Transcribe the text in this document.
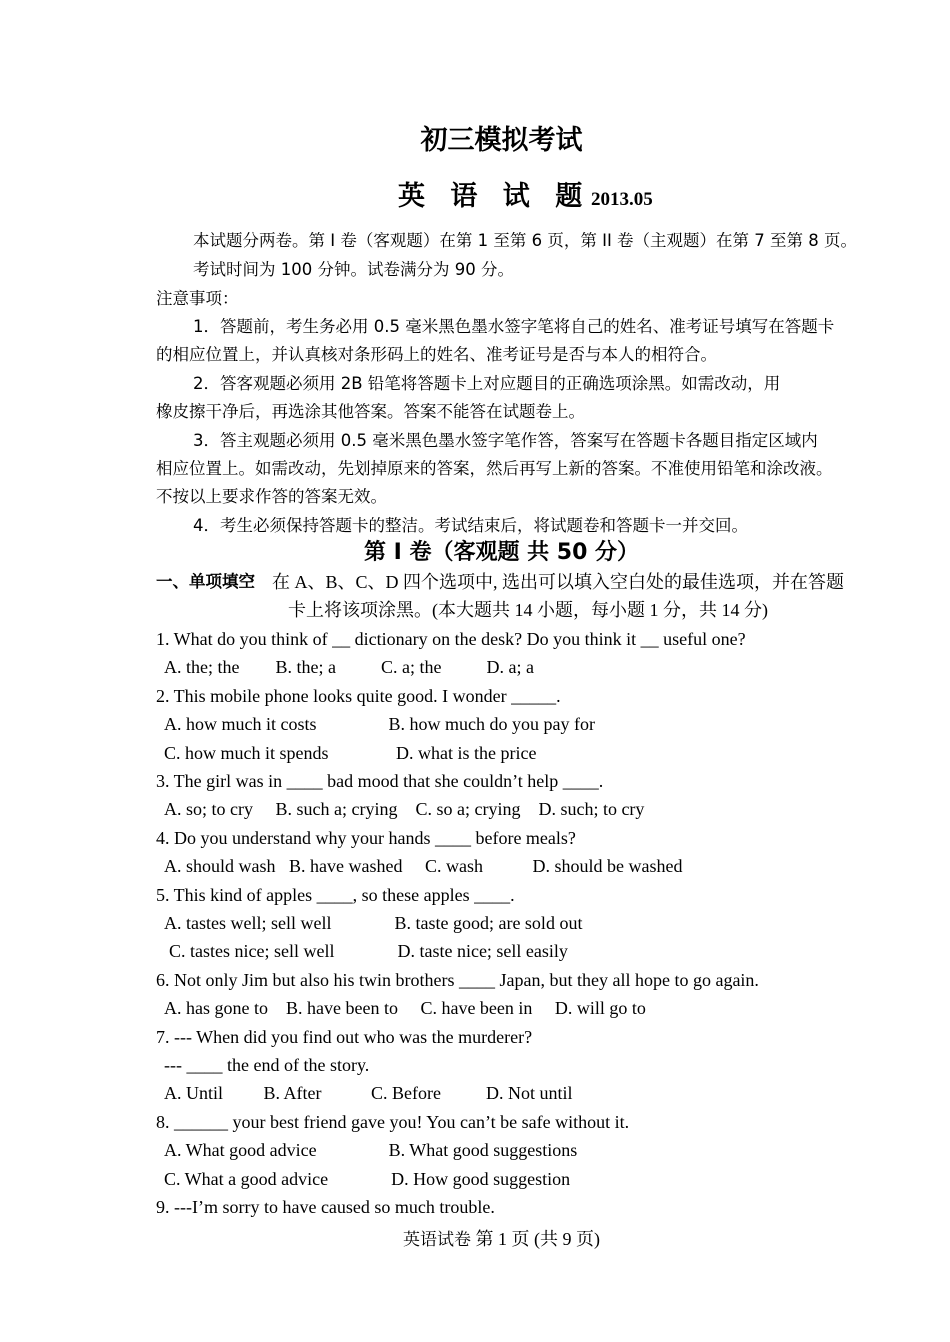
初三模拟考试
英 语 试 题 2013.05
本试题分两卷。第 I 卷（客观题）在第 1 至第 6 页，第 II 卷（主观题）在第 7 至第 8 页。
考试时间为 100 分钟。试卷满分为 90 分。
注意事项：
1．答题前，考生务必用 0.5 毫米黑色墨水签字笔将自己的姓名、准考证号填写在答题卡
的相应位置上，并认真核对条形码上的姓名、准考证号是否与本人的相符合。
2．答客观题必须用 2B 铅笔将答题卡上对应题目的正确选项涂黑。如需改动，用
橡皮擦干净后，再选涂其他答案。答案不能答在试题卷上。
3．答主观题必须用 0.5 毫米黑色墨水签字笔作答，答案写在答题卡各题目指定区域内
相应位置上。如需改动，先划掉原来的答案，然后再写上新的答案。不准使用铅笔和涂改液。
不按以上要求作答的答案无效。
4．考生必须保持答题卡的整洁。考试结束后，将试题卷和答题卡一并交回。
第 I 卷（客观题 共 50 分）
一、单项填空 在 A、B、C、D 四个选项中, 选出可以填入空白处的最佳选项，并在答题
卡上将该项涂黑。(本大题共 14 小题，每小题 1 分，共 14 分)
1. What do you think of __ dictionary on the desk? Do you think it __ useful one?
A. the; the        B. the; a          C. a; the          D. a; a
2. This mobile phone looks quite good. I wonder _____.
A. how much it costs                B. how much do you pay for
C. how much it spends               D. what is the price
3. The girl was in ____ bad mood that she couldn’t help ____.
A. so; to cry     B. such a; crying    C. so a; crying    D. such; to cry
4. Do you understand why your hands ____ before meals?
A. should wash   B. have washed     C. wash           D. should be washed
5. This kind of apples ____, so these apples ____.
A. tastes well; sell well              B. taste good; are sold out
C. tastes nice; sell well              D. taste nice; sell easily
6. Not only Jim but also his twin brothers ____ Japan, but they all hope to go again.
A. has gone to    B. have been to     C. have been in     D. will go to
7. --- When did you find out who was the murderer?
--- ____ the end of the story.
A. Until         B. After           C. Before          D. Not until
8. ______ your best friend gave you! You can’t be safe without it.
A. What good advice                B. What good suggestions
C. What a good advice              D. How good suggestion
9. ---I’m sorry to have caused so much trouble.
英语试卷 第 1 页 (共 9 页)
